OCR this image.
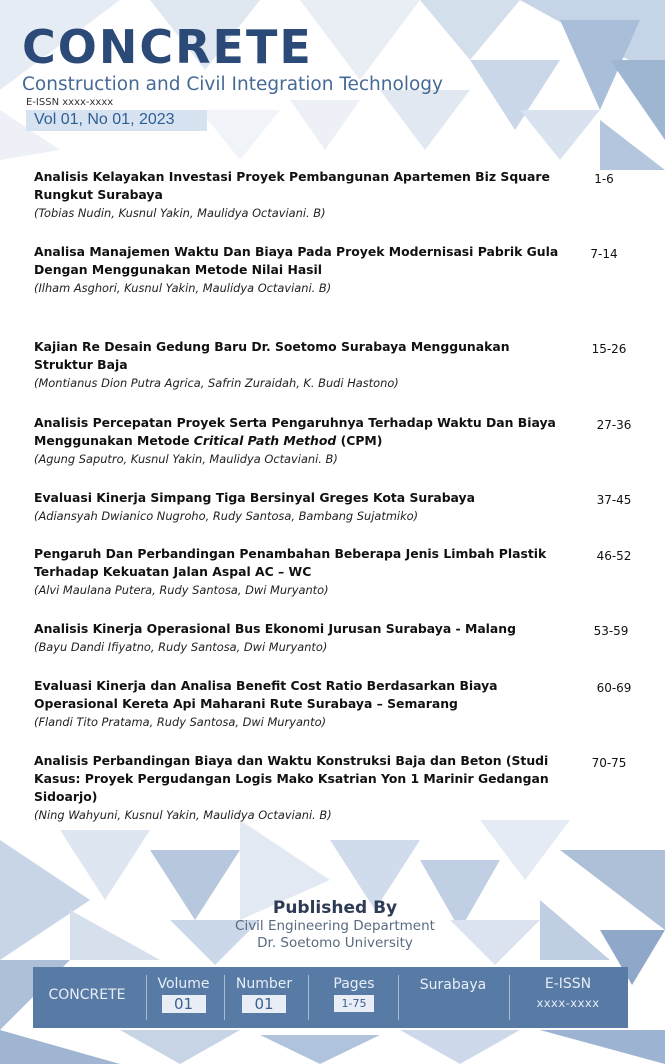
CONCRETE
Construction and Civil Integration Technology
E-ISSN xxxx-xxxx
Vol 01, No 01, 2023

Analisis Kelayakan Investasi Proyek Pembangunan Apartemen Biz Square Rungkut Surabaya

(Tobias Nudin, Kusnul Yakin, Maulidya Octaviani. B)

1-6

Analisa Manajemen Waktu Dan Biaya Pada Proyek Modernisasi Pabrik Gula Dengan Menggunakan Metode Nilai Hasil

(Ilham Asghori, Kusnul Yakin, Maulidya Octaviani. B)

7-14

Kajian Re Desain Gedung Baru Dr. Soetomo Surabaya Menggunakan Struktur Baja

(Montianus Dion Putra Agrica, Safrin Zuraidah, K. Budi Hastono)

15-26

Analisis Percepatan Proyek Serta Pengaruhnya Terhadap Waktu Dan Biaya Menggunakan Metode Critical Path Method (CPM)

(Agung Saputro, Kusnul Yakin, Maulidya Octaviani. B)

27-36

Evaluasi Kinerja Simpang Tiga Bersinyal Greges Kota Surabaya

(Adiansyah Dwianico Nugroho, Rudy Santosa, Bambang Sujatmiko)

37-45

Pengaruh Dan Perbandingan Penambahan Beberapa Jenis Limbah Plastik Terhadap Kekuatan Jalan Aspal AC – WC

(Alvi Maulana Putera, Rudy Santosa, Dwi Muryanto)

46-52

Analisis Kinerja Operasional Bus Ekonomi Jurusan Surabaya - Malang

(Bayu Dandi Ifiyatno, Rudy Santosa, Dwi Muryanto)

53-59

Evaluasi Kinerja dan Analisa Benefit Cost Ratio Berdasarkan Biaya Operasional Kereta Api Maharani Rute Surabaya – Semarang

(Flandi Tito Pratama, Rudy Santosa, Dwi Muryanto)

60-69

Analisis Perbandingan Biaya dan Waktu Konstruksi Baja dan Beton (Studi Kasus: Proyek Pergudangan Logis Mako Ksatrian Yon 1 Marinir Gedangan Sidoarjo)

(Ning Wahyuni, Kusnul Yakin, Maulidya Octaviani. B)

70-75
Published By
Civil Engineering Department
Dr. Soetomo University
CONCRETE
Volume
01
Number
01
Pages
1-75
Surabaya	E-ISSN
xxxx-xxxx
